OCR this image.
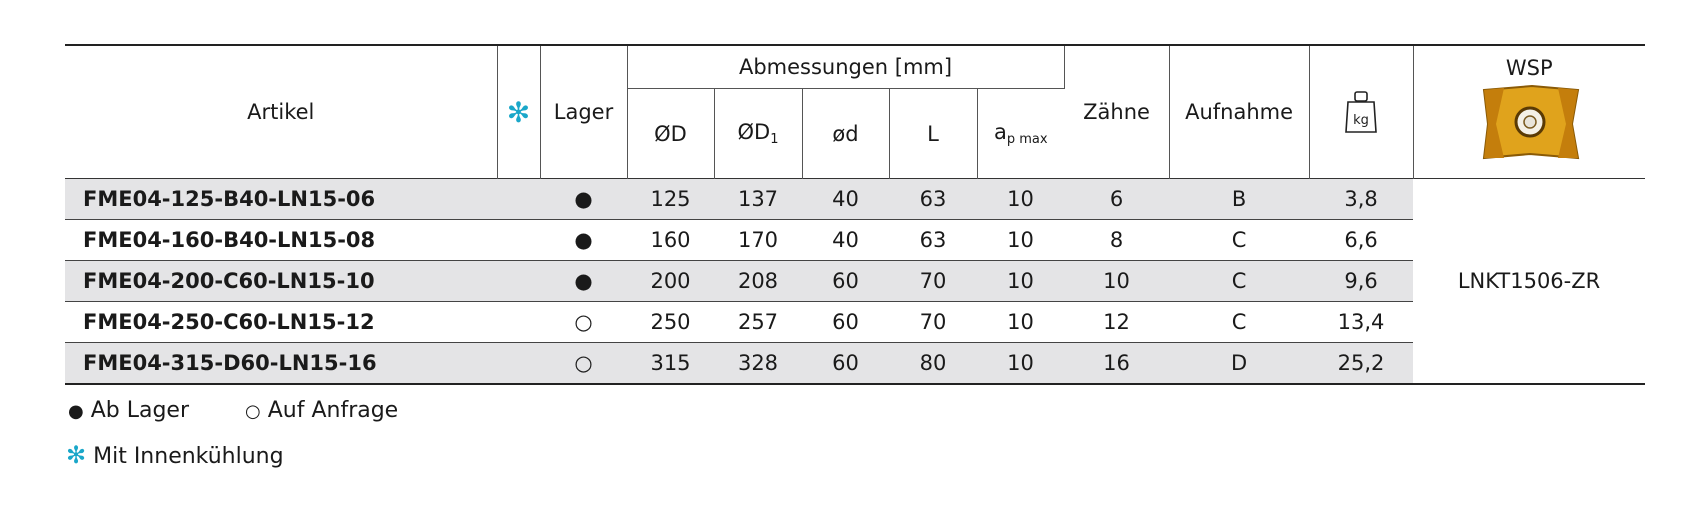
Artikel	✻	Lager	Abmessungen [mm]					Zähne	Aufnahme	kg	WSP

			ØD	$ØD_1$	ød	L	$a_{p max}$
FME04-125-B40-LN15-06		●	125	137	40	63	10	6	B	3,8	LNKT1506-ZR
FME04-160-B40-LN15-08		●	160	170	40	63	10	8	C	6,6	
FME04-200-C60-LN15-10		●	200	208	60	70	10	10	C	9,6	
FME04-250-C60-LN15-12		○	250	257	60	70	10	12	C	13,4	
FME04-315-D60-LN15-16		○	315	328	60	80	10	16	D	25,2	
● Ab Lager	○ Auf Anfrage
✻ Mit Innenkühlung
